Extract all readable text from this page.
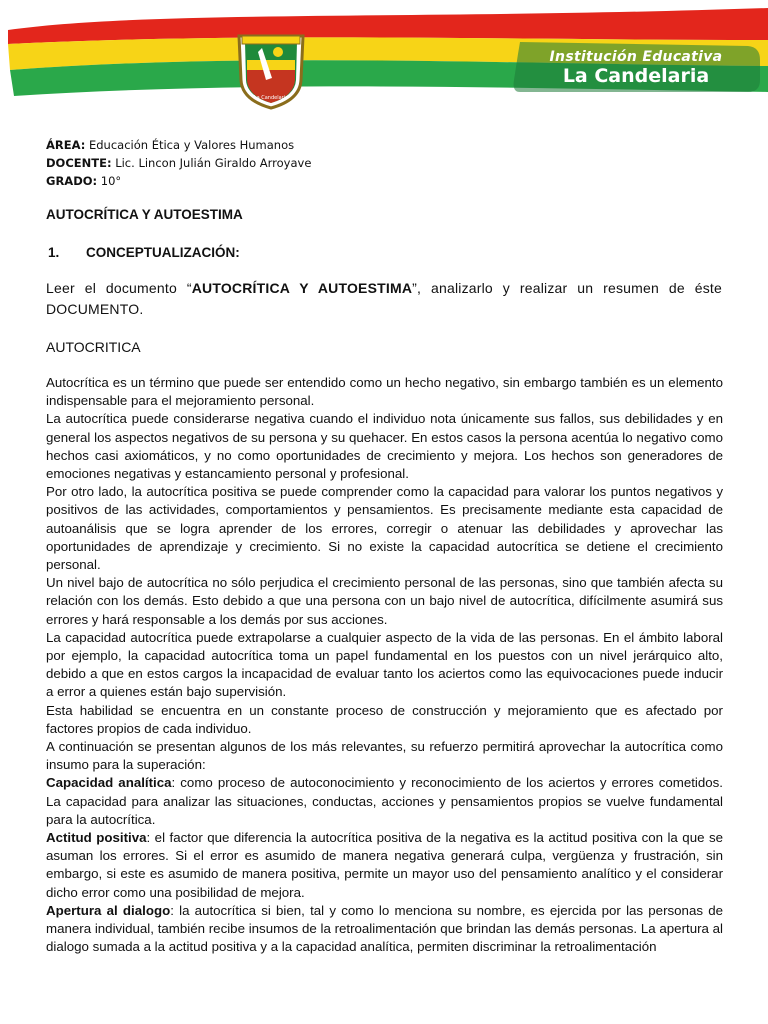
La Candelaria
Institución Educativa
La Candelaria
ÁREA: Educación Ética y Valores Humanos
DOCENTE: Lic. Lincon Julián Giraldo Arroyave
GRADO: 10°
AUTOCRÍTICA Y AUTOESTIMA
1. CONCEPTUALIZACIÓN:
Leer el documento “AUTOCRÍTICA Y AUTOESTIMA”, analizarlo y realizar un resumen de éste DOCUMENTO.
AUTOCRITICA

Autocrítica es un término que puede ser entendido como un hecho negativo, sin embargo también es un elemento indispensable para el mejoramiento personal.

La autocrítica puede considerarse negativa cuando el individuo nota únicamente sus fallos, sus debilidades y en general los aspectos negativos de su persona y su quehacer. En estos casos la persona acentúa lo negativo como hechos casi axiomáticos, y no como oportunidades de crecimiento y mejora. Los hechos son generadores de emociones negativas y estancamiento personal y profesional.

Por otro lado, la autocrítica positiva se puede comprender como la capacidad para valorar los puntos negativos y positivos de las actividades, comportamientos y pensamientos. Es precisamente mediante esta capacidad de autoanálisis que se logra aprender de los errores, corregir o atenuar las debilidades y aprovechar las oportunidades de aprendizaje y crecimiento. Si no existe la capacidad autocrítica se detiene el crecimiento personal.

Un nivel bajo de autocrítica no sólo perjudica el crecimiento personal de las personas, sino que también afecta su relación con los demás. Esto debido a que una persona con un bajo nivel de autocrítica, difícilmente asumirá sus errores y hará responsable a los demás por sus acciones.

La capacidad autocrítica puede extrapolarse a cualquier aspecto de la vida de las personas. En el ámbito laboral por ejemplo, la capacidad autocrítica toma un papel fundamental en los puestos con un nivel jerárquico alto, debido a que en estos cargos la incapacidad de evaluar tanto los aciertos como las equivocaciones puede inducir a error a quienes están bajo supervisión.

Esta habilidad se encuentra en un constante proceso de construcción y mejoramiento que es afectado por factores propios de cada individuo.

A continuación se presentan algunos de los más relevantes, su refuerzo permitirá aprovechar la autocrítica como insumo para la superación:

Capacidad analítica: como proceso de autoconocimiento y reconocimiento de los aciertos y errores cometidos. La capacidad para analizar las situaciones, conductas, acciones y pensamientos propios se vuelve fundamental para la autocrítica.

Actitud positiva: el factor que diferencia la autocrítica positiva de la negativa es la actitud positiva con la que se asuman los errores. Si el error es asumido de manera negativa generará culpa, vergüenza y frustración, sin embargo, si este es asumido de manera positiva, permite un mayor uso del pensamiento analítico y el considerar dicho error como una posibilidad de mejora.

Apertura al dialogo: la autocrítica si bien, tal y como lo menciona su nombre, es ejercida por las personas de manera individual, también recibe insumos de la retroalimentación que brindan las demás personas. La apertura al dialogo sumada a la actitud positiva y a la capacidad analítica, permiten discriminar la retroalimentación
